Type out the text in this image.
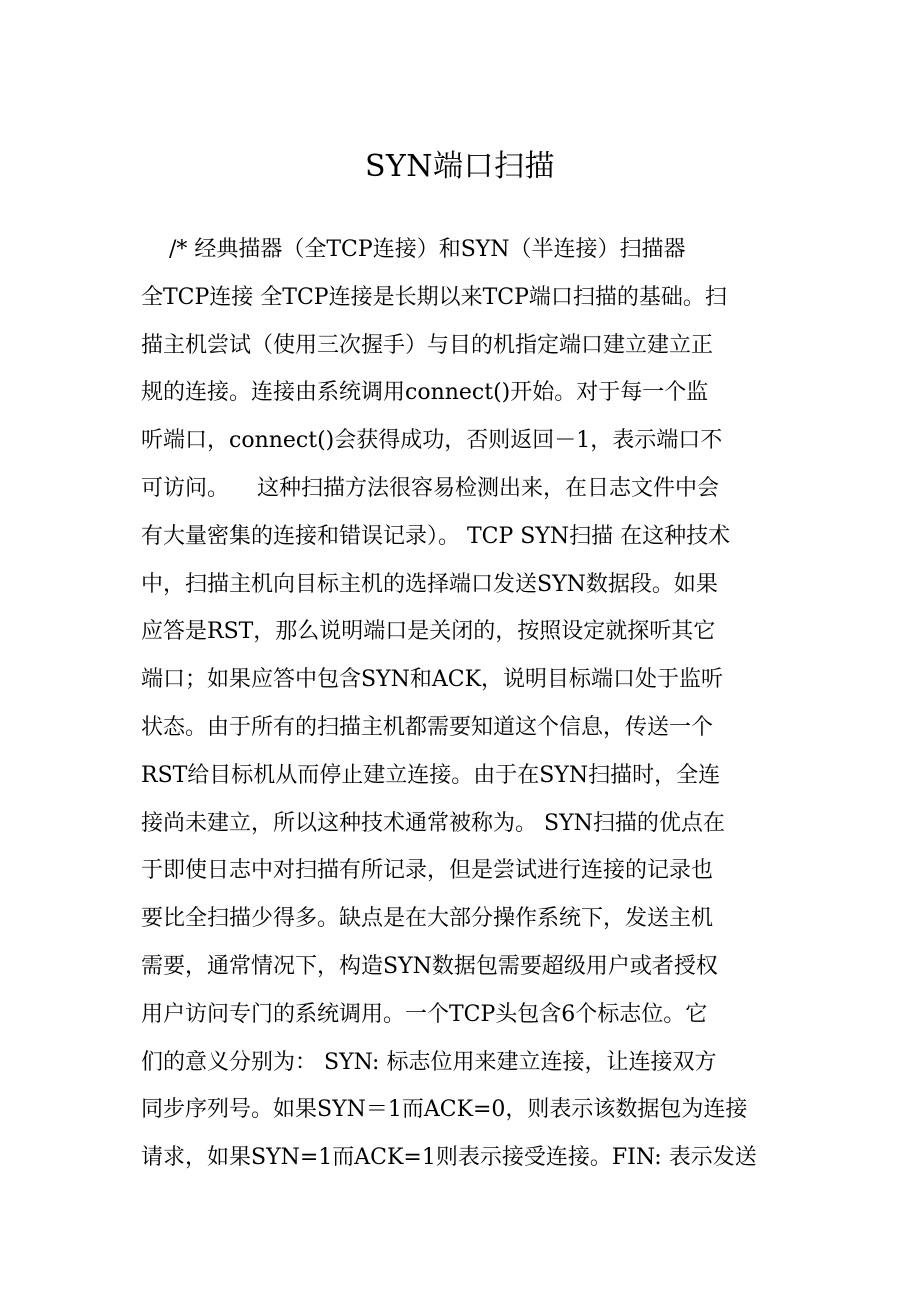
SYN端口扫描
/* 经典描器（全TCP连接）和SYN（半连接）扫描器
全TCP连接 全TCP连接是长期以来TCP端口扫描的基础。扫
描主机尝试（使用三次握手）与目的机指定端口建立建立正
规的连接。连接由系统调用connect()开始。对于每一个监
听端口，connect()会获得成功，否则返回－1，表示端口不
可访问。    这种扫描方法很容易检测出来，在日志文件中会
有大量密集的连接和错误记录）。 TCP SYN扫描 在这种技术
中，扫描主机向目标主机的选择端口发送SYN数据段。如果
应答是RST，那么说明端口是关闭的，按照设定就探听其它
端口；如果应答中包含SYN和ACK，说明目标端口处于监听
状态。由于所有的扫描主机都需要知道这个信息，传送一个
RST给目标机从而停止建立连接。由于在SYN扫描时，全连
接尚未建立，所以这种技术通常被称为。 SYN扫描的优点在
于即使日志中对扫描有所记录，但是尝试进行连接的记录也
要比全扫描少得多。缺点是在大部分操作系统下，发送主机
需要，通常情况下，构造SYN数据包需要超级用户或者授权
用户访问专门的系统调用。一个TCP头包含6个标志位。它
们的意义分别为： SYN: 标志位用来建立连接，让连接双方
同步序列号。如果SYN＝1而ACK=0，则表示该数据包为连接
请求，如果SYN=1而ACK=1则表示接受连接。FIN: 表示发送
